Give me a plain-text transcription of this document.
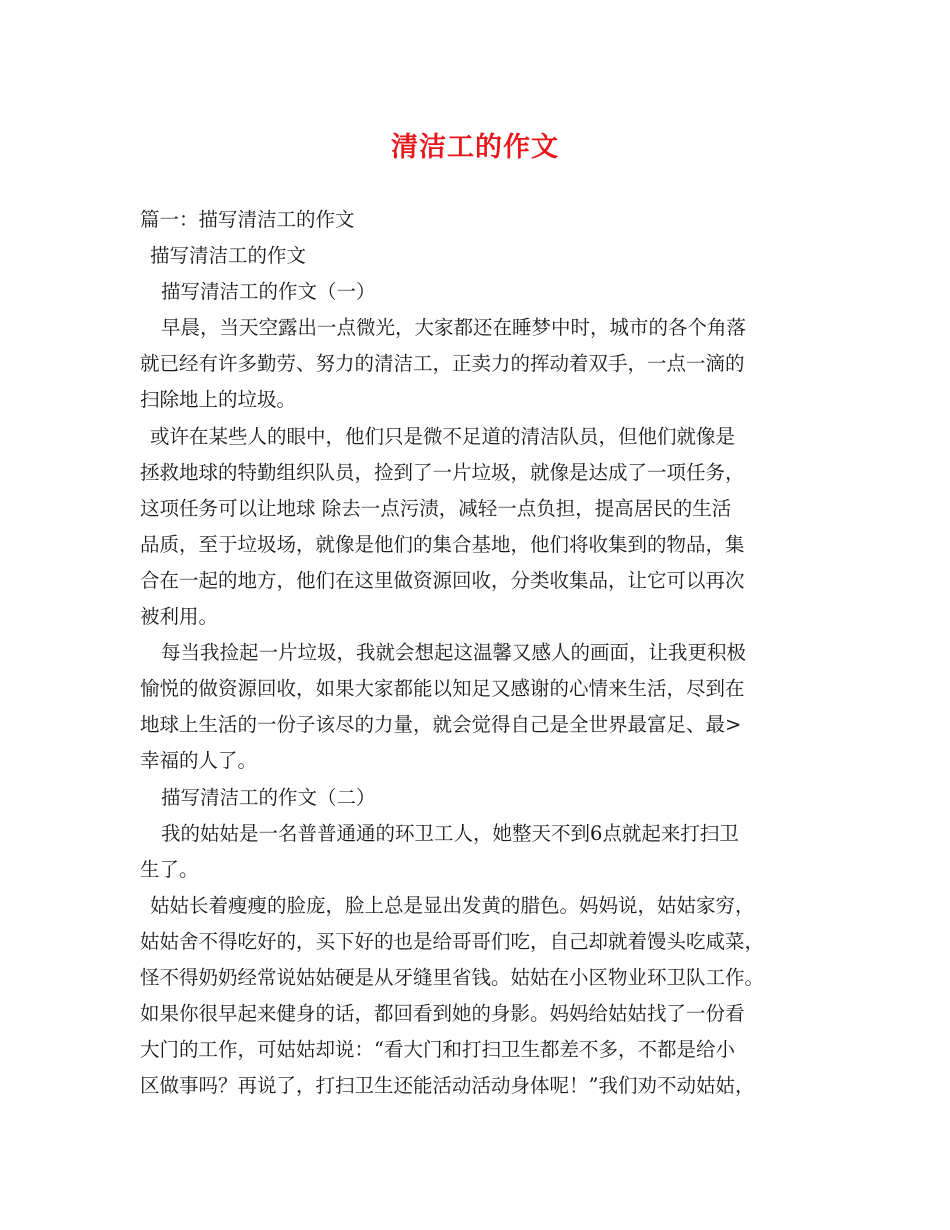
清洁工的作文
篇一：描写清洁工的作文
描写清洁工的作文
描写清洁工的作文（一）
早晨，当天空露出一点微光，大家都还在睡梦中时，城市的各个角落
就已经有许多勤劳、努力的清洁工，正卖力的挥动着双手，一点一滴的
扫除地上的垃圾。
或许在某些人的眼中，他们只是微不足道的清洁队员，但他们就像是
拯救地球的特勤组织队员，捡到了一片垃圾，就像是达成了一项任务，
这项任务可以让地球 除去一点污渍，减轻一点负担，提高居民的生活
品质，至于垃圾场，就像是他们的集合基地，他们将收集到的物品，集
合在一起的地方，他们在这里做资源回收，分类收集品，让它可以再次
被利用。
每当我捡起一片垃圾，我就会想起这温馨又感人的画面，让我更积极
愉悦的做资源回收，如果大家都能以知足又感谢的心情来生活，尽到在
地球上生活的一份子该尽的力量，就会觉得自己是全世界最富足、最>
幸福的人了。
描写清洁工的作文（二）
我的姑姑是一名普普通通的环卫工人，她整天不到6点就起来打扫卫
生了。
姑姑长着瘦瘦的脸庞，脸上总是显出发黄的腊色。妈妈说，姑姑家穷，
姑姑舍不得吃好的，买下好的也是给哥哥们吃，自己却就着馒头吃咸菜，
怪不得奶奶经常说姑姑硬是从牙缝里省钱。姑姑在小区物业环卫队工作。
如果你很早起来健身的话，都回看到她的身影。妈妈给姑姑找了一份看
大门的工作，可姑姑却说：“看大门和打扫卫生都差不多，不都是给小
区做事吗？再说了，打扫卫生还能活动活动身体呢！”我们劝不动姑姑，
